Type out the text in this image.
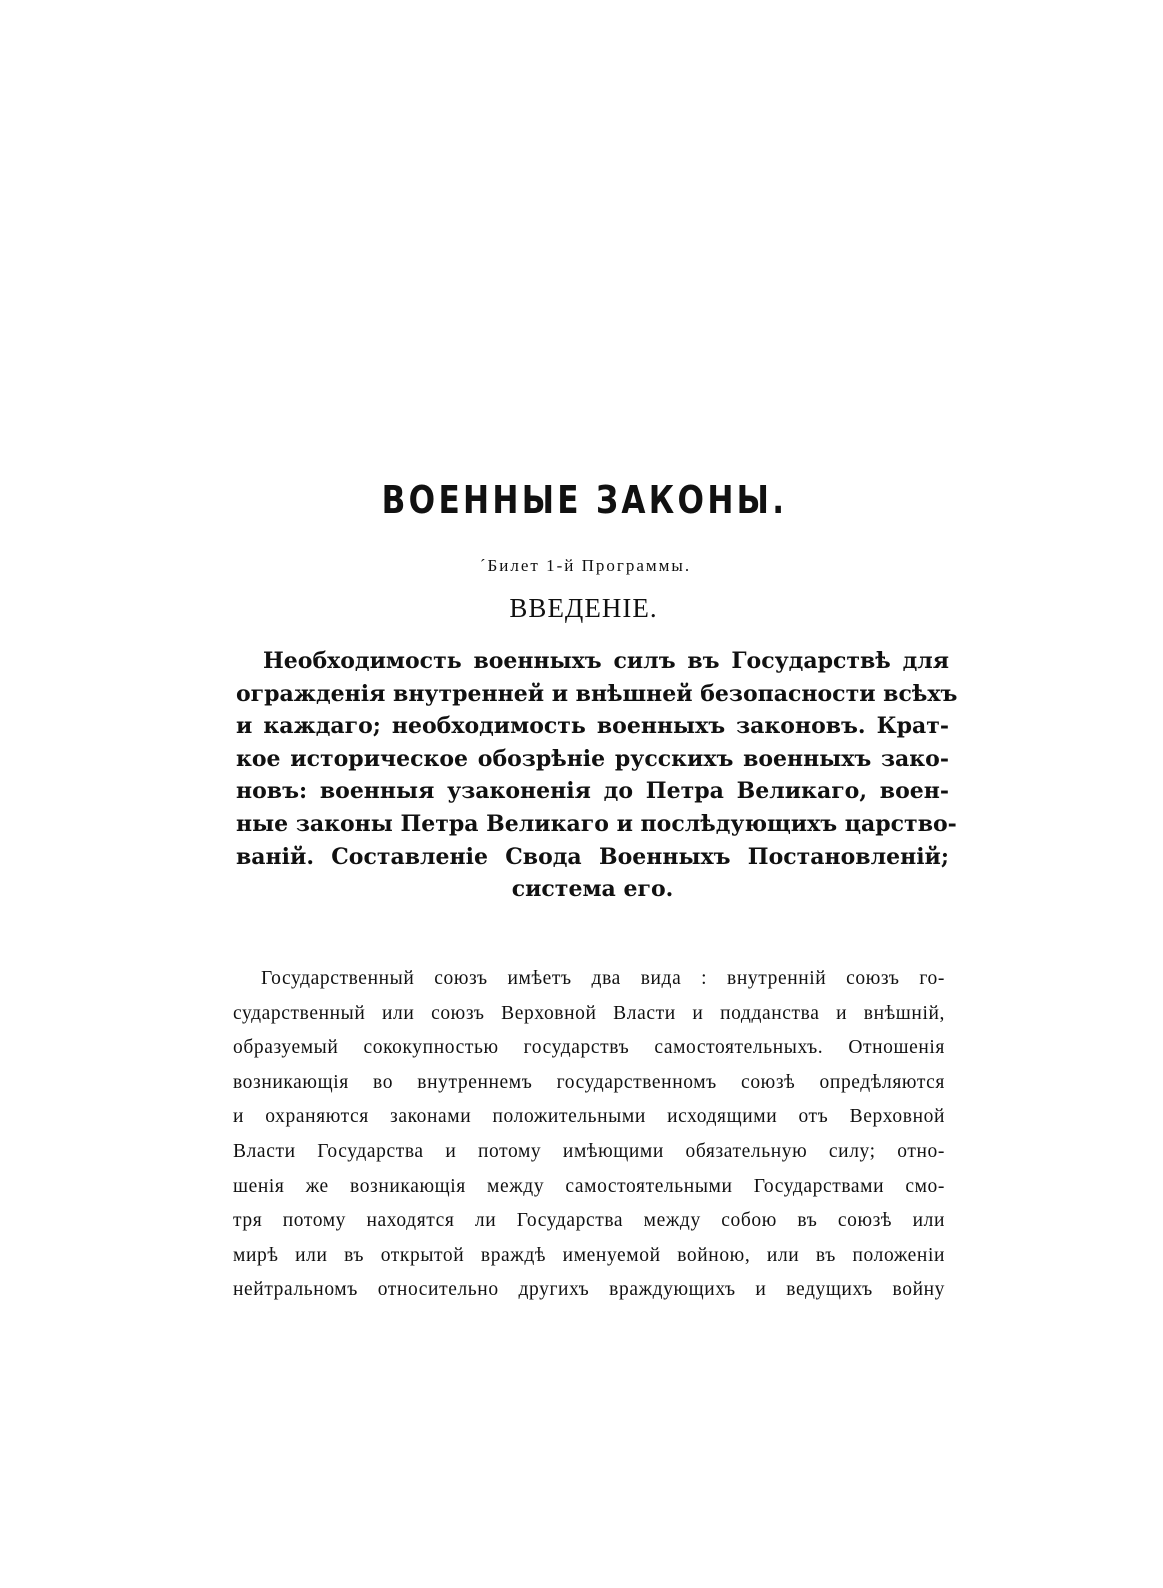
ВОЕННЫЕ ЗАКОНЫ.
´Билет 1-й Программы.
ВВЕДЕНIЕ.
Необходимость военныхъ силъ въ Государствѣ для
огражденія внутренней и внѣшней безопасности всѣхъ
и каждаго; необходимость военныхъ законовъ. Крат-
кое историческое обозрѣніе русскихъ военныхъ зако-
новъ: военныя узаконенія до Петра Великаго, воен-
ные законы Петра Великаго и послѣдующихъ царство-
ваній. Составленіе Свода Военныхъ Постановленій;
система его.
Государственный союзъ имѣетъ два вида : внутренній союзъ го-
сударственный или союзъ Верховной Власти и подданства и внѣшній,
образуемый сококупностью государствъ самостоятельныхъ. Отношенія
возникающія во внутреннемъ государственномъ союзѣ опредѣляются
и охраняются законами положительными исходящими отъ Верховной
Власти Государства и потому имѣющими обязательную силу; отно-
шенія же возникающія между самостоятельными Государствами смо-
тря потому находятся ли Государства между собою въ союзѣ или
мирѣ или въ открытой враждѣ именуемой войною, или въ положеніи
нейтральномъ относительно другихъ враждующихъ и ведущихъ войну
